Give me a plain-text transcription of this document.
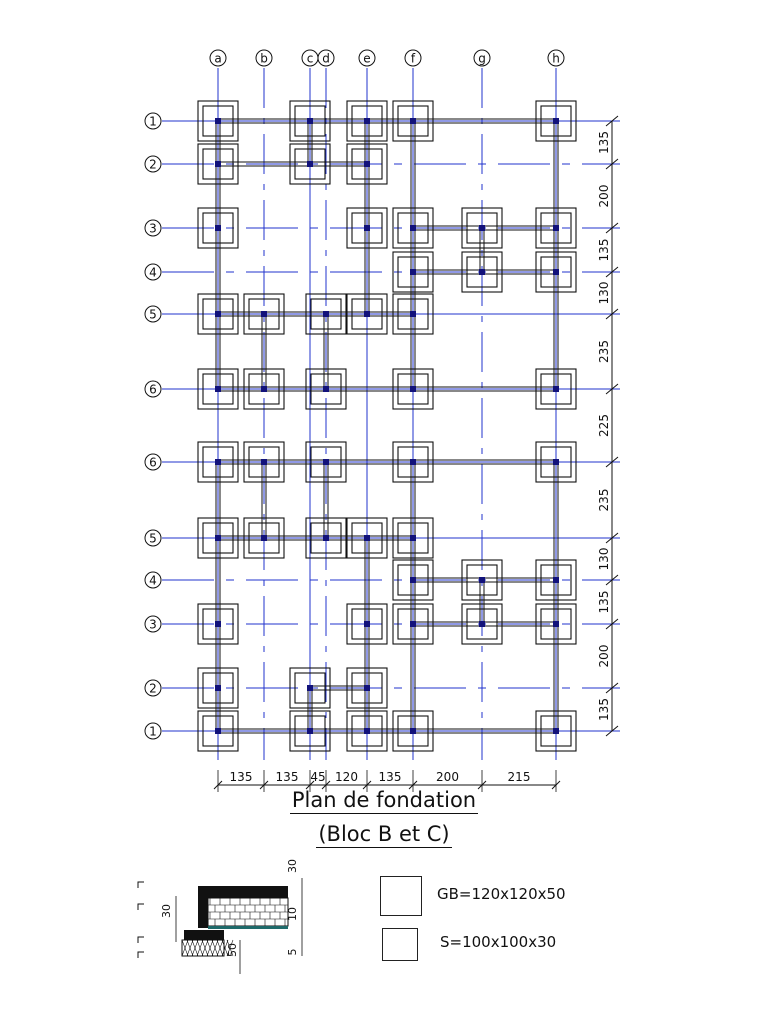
a	b	c d	e	f	g	h
1
2
3
4
5
6
6
5
4
3
2
1
135
200
135
130
235
225
235
130
135
200
135
135 135 45 120 135	200	215
30
30	10
5
50
Plan de fondation
(Bloc B et C)
GB=120x120x50
S=100x100x30
